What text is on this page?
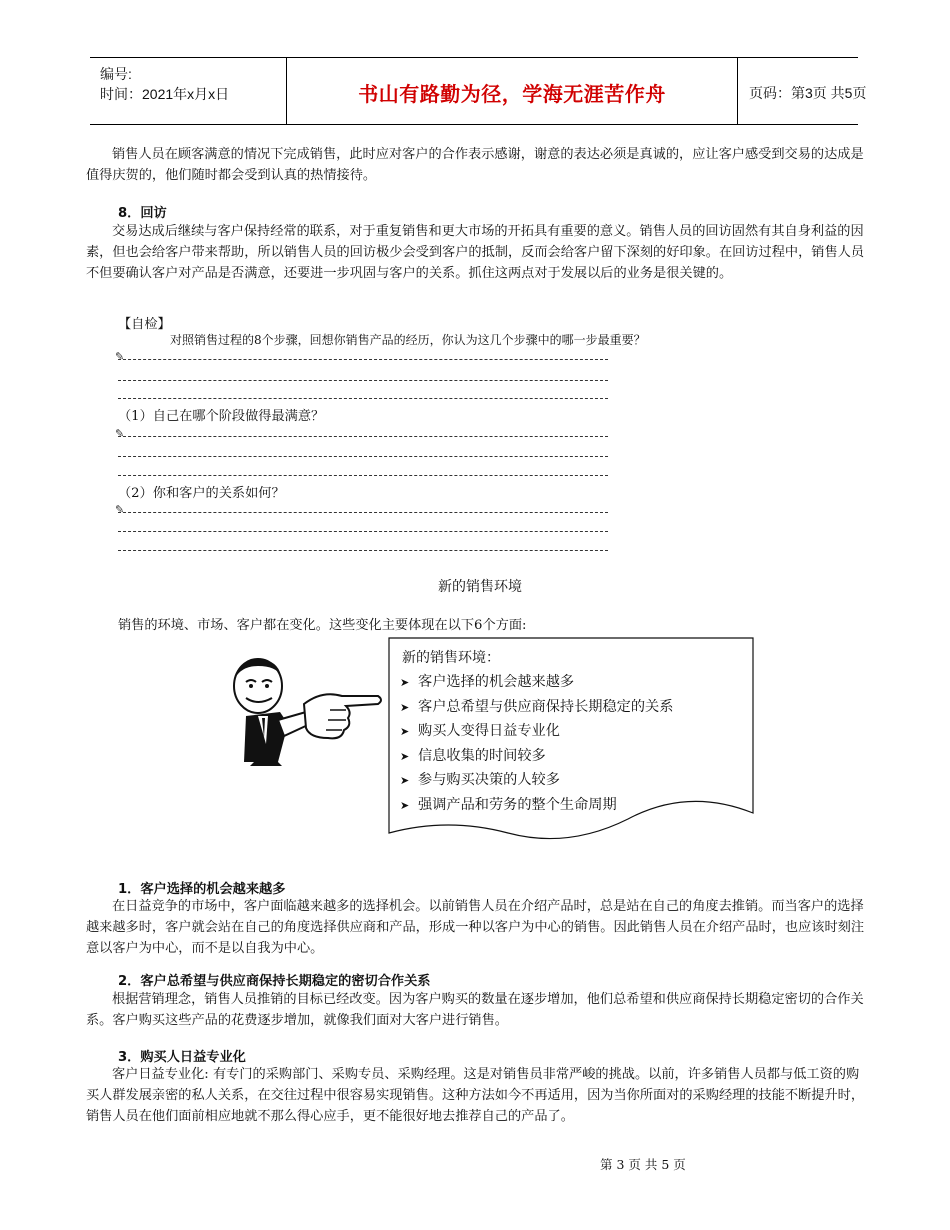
编号:
时间：2021年x月x日	书山有路勤为径，学海无涯苦作舟	页码：第3页 共5页

销售人员在顾客满意的情况下完成销售，此时应对客户的合作表示感谢，谢意的表达必须是真诚的，应让客户感受到交易的达成是值得庆贺的，他们随时都会受到认真的热情接待。

8．回访

交易达成后继续与客户保持经常的联系，对于重复销售和更大市场的开拓具有重要的意义。销售人员的回访固然有其自身利益的因素，但也会给客户带来帮助，所以销售人员的回访极少会受到客户的抵制，反而会给客户留下深刻的好印象。在回访过程中，销售人员不但要确认客户对产品是否满意，还要进一步巩固与客户的关系。抓住这两点对于发展以后的业务是很关键的。

【自检】
对照销售过程的8个步骤，回想你销售产品的经历，你认为这几个步骤中的哪一步最重要？
✎
（1）自己在哪个阶段做得最满意？
✎
（2）你和客户的关系如何？
✎
新的销售环境
销售的环境、市场、客户都在变化。这些变化主要体现在以下6个方面:
新的销售环境：
➤ 客户选择的机会越来越多
➤ 客户总希望与供应商保持长期稳定的关系
➤ 购买人变得日益专业化
➤ 信息收集的时间较多
➤ 参与购买决策的人较多
➤ 强调产品和劳务的整个生命周期
1．客户选择的机会越来越多

在日益竞争的市场中，客户面临越来越多的选择机会。以前销售人员在介绍产品时，总是站在自己的角度去推销。而当客户的选择越来越多时，客户就会站在自己的角度选择供应商和产品，形成一种以客户为中心的销售。因此销售人员在介绍产品时，也应该时刻注意以客户为中心，而不是以自我为中心。

2．客户总希望与供应商保持长期稳定的密切合作关系

根据营销理念，销售人员推销的目标已经改变。因为客户购买的数量在逐步增加，他们总希望和供应商保持长期稳定密切的合作关系。客户购买这些产品的花费逐步增加，就像我们面对大客户进行销售。

3．购买人日益专业化

客户日益专业化: 有专门的采购部门、采购专员、采购经理。这是对销售员非常严峻的挑战。以前，许多销售人员都与低工资的购买人群发展亲密的私人关系，在交往过程中很容易实现销售。这种方法如今不再适用，因为当你所面对的采购经理的技能不断提升时，销售人员在他们面前相应地就不那么得心应手，更不能很好地去推荐自己的产品了。

第 3 页 共 5 页
